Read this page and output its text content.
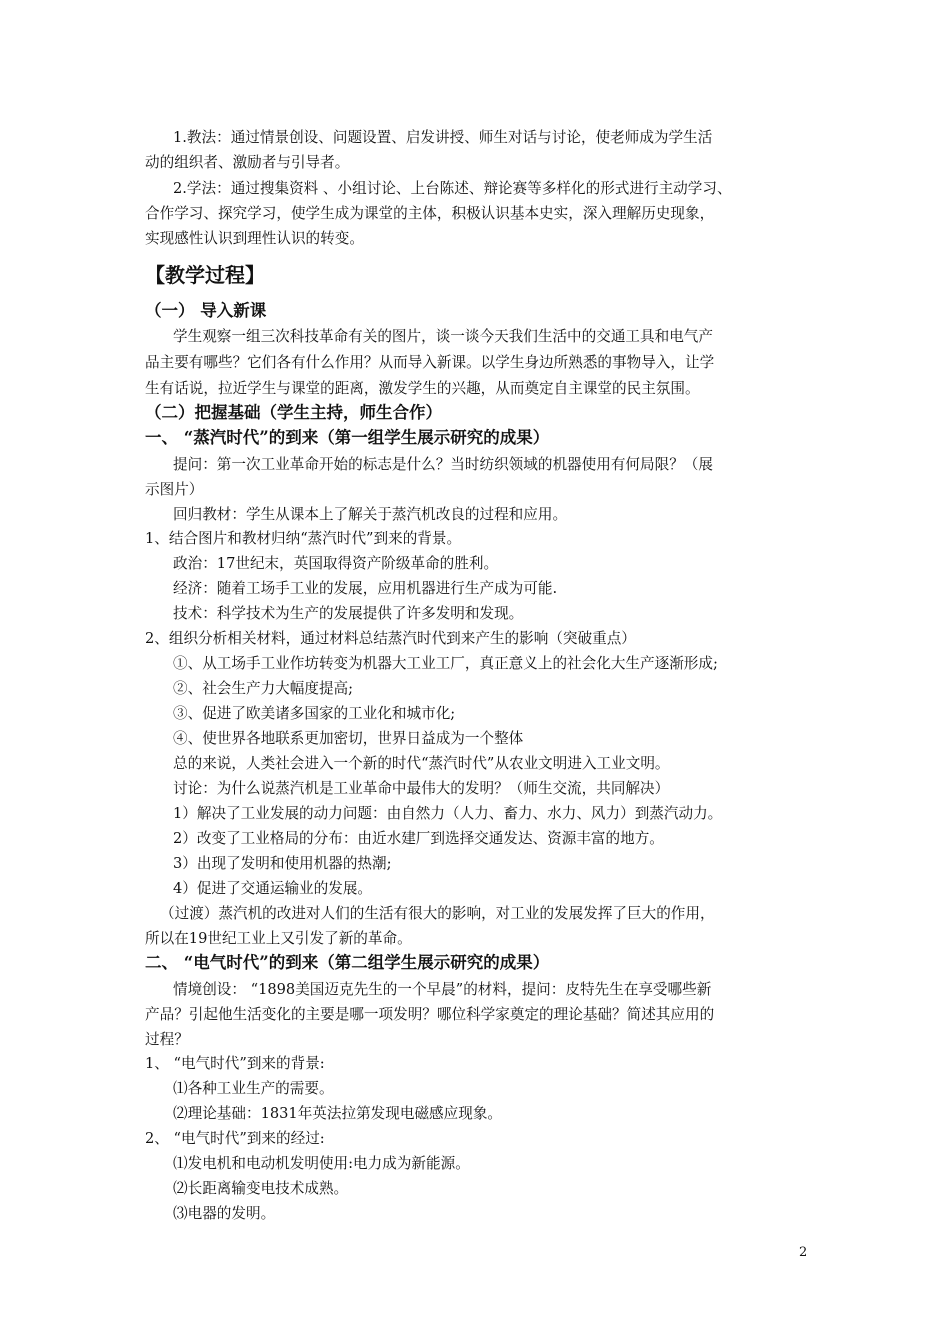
1.教法：通过情景创设、问题设置、启发讲授、师生对话与讨论，使老师成为学生活
动的组织者、激励者与引导者。
2.学法：通过搜集资料 、小组讨论、上台陈述、辩论赛等多样化的形式进行主动学习、
合作学习、探究学习，使学生成为课堂的主体，积极认识基本史实，深入理解历史现象，
实现感性认识到理性认识的转变。
【教学过程】
（一） 导入新课
学生观察一组三次科技革命有关的图片，谈一谈今天我们生活中的交通工具和电气产
品主要有哪些？它们各有什么作用？从而导入新课。以学生身边所熟悉的事物导入，让学
生有话说，拉近学生与课堂的距离，激发学生的兴趣，从而奠定自主课堂的民主氛围。
（二）把握基础（学生主持，师生合作）
一、 “蒸汽时代”的到来（第一组学生展示研究的成果）
提问：第一次工业革命开始的标志是什么？当时纺织领域的机器使用有何局限？（展
示图片）
回归教材：学生从课本上了解关于蒸汽机改良的过程和应用。
1、结合图片和教材归纳“蒸汽时代”到来的背景。
政治：17世纪末，英国取得资产阶级革命的胜利。
经济：随着工场手工业的发展，应用机器进行生产成为可能.
技术：科学技术为生产的发展提供了许多发明和发现。
2、组织分析相关材料，通过材料总结蒸汽时代到来产生的影响（突破重点）
①、从工场手工业作坊转变为机器大工业工厂，真正意义上的社会化大生产逐渐形成;
②、社会生产力大幅度提高;
③、促进了欧美诸多国家的工业化和城市化;
④、使世界各地联系更加密切，世界日益成为一个整体
总的来说，人类社会进入一个新的时代“蒸汽时代”从农业文明进入工业文明。
讨论：为什么说蒸汽机是工业革命中最伟大的发明？（师生交流，共同解决）
1）解决了工业发展的动力问题：由自然力（人力、畜力、水力、风力）到蒸汽动力。
2）改变了工业格局的分布：由近水建厂到选择交通发达、资源丰富的地方。
3）出现了发明和使用机器的热潮;
4）促进了交通运输业的发展。
（过渡）蒸汽机的改进对人们的生活有很大的影响，对工业的发展发挥了巨大的作用，
所以在19世纪工业上又引发了新的革命。
二、 “电气时代”的到来（第二组学生展示研究的成果）
情境创设： “1898美国迈克先生的一个早晨”的材料，提问：皮特先生在享受哪些新
产品？引起他生活变化的主要是哪一项发明？哪位科学家奠定的理论基础？简述其应用的
过程？
1、 “电气时代”到来的背景:
⑴各种工业生产的需要。
⑵理论基础：1831年英法拉第发现电磁感应现象。
2、 “电气时代”到来的经过:
⑴发电机和电动机发明使用:电力成为新能源。
⑵长距离输变电技术成熟。
⑶电器的发明。
2
